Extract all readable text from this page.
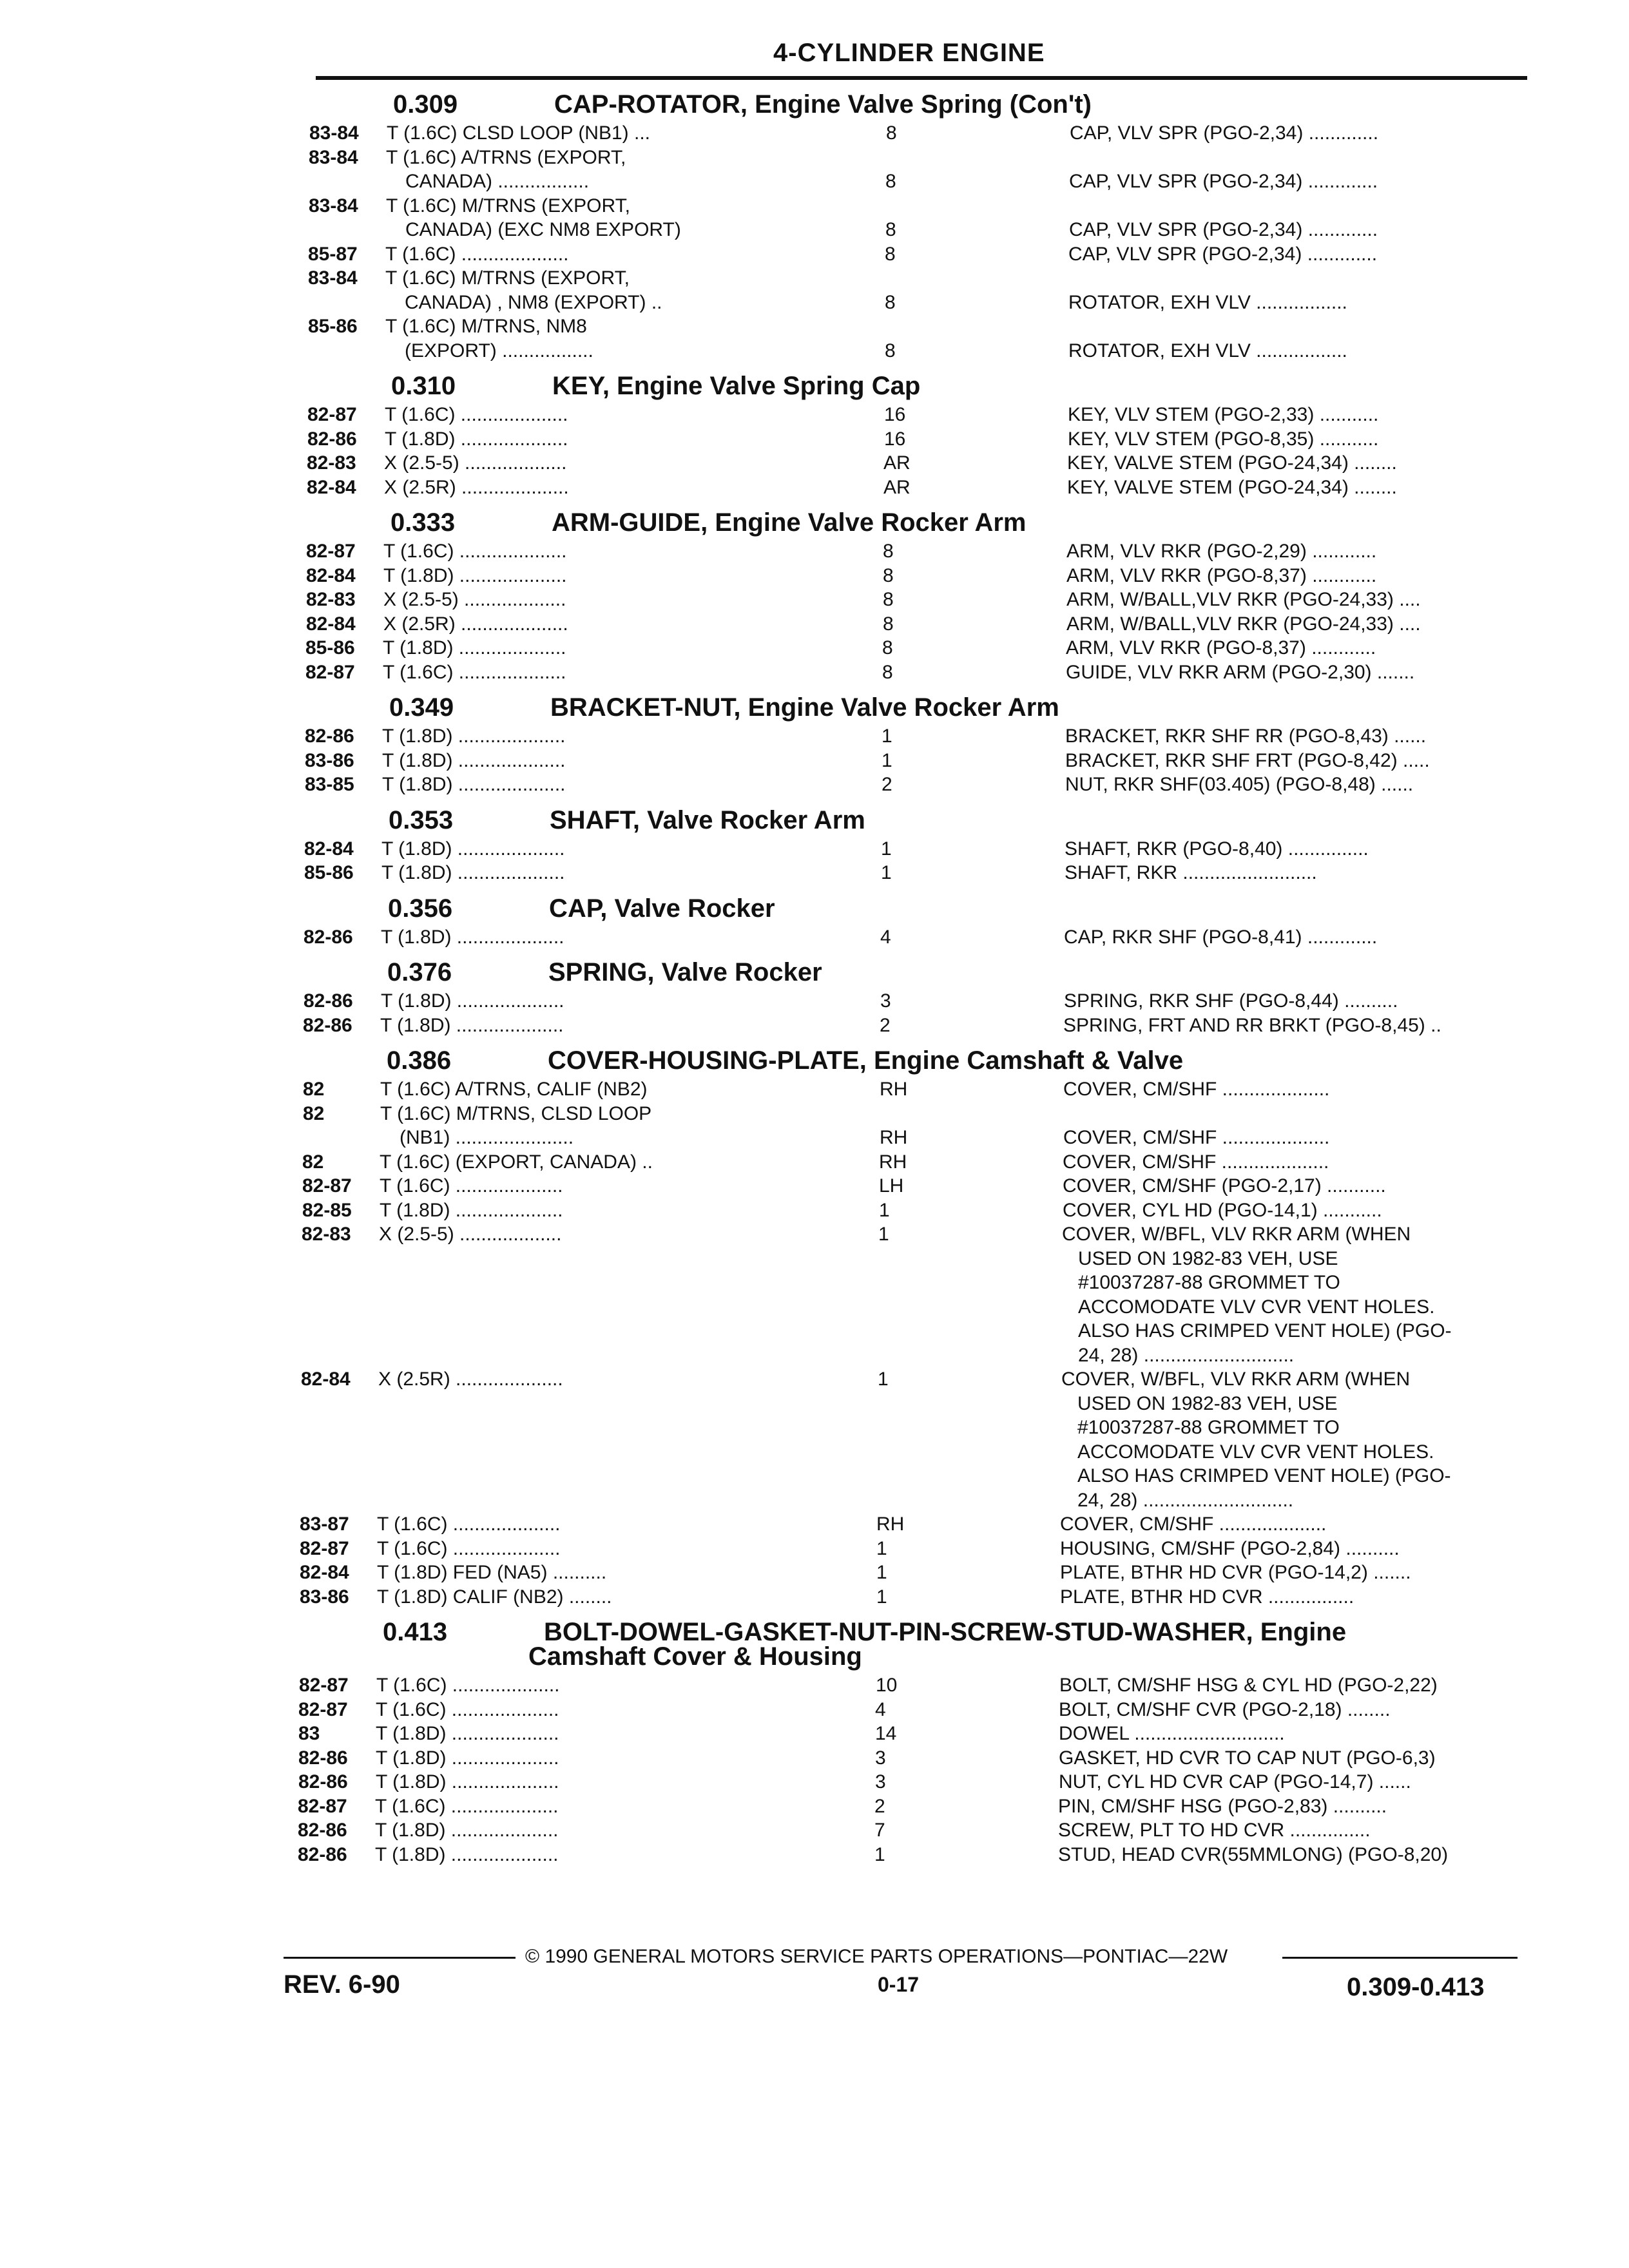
4-CYLINDER ENGINE
0.309	CAP-ROTATOR, Engine Valve Spring (Con't)
83-84 T (1.6C) CLSD LOOP (NB1) ...	8	CAP, VLV SPR (PGO-2,34) .............
83-84 T (1.6C) A/TRNS (EXPORT,
CANADA) .................	8	CAP, VLV SPR (PGO-2,34) .............
83-84 T (1.6C) M/TRNS (EXPORT,
CANADA) (EXC NM8 EXPORT)	8	CAP, VLV SPR (PGO-2,34) .............
85-87 T (1.6C) ....................	8	CAP, VLV SPR (PGO-2,34) .............
83-84 T (1.6C) M/TRNS (EXPORT,
CANADA) , NM8 (EXPORT) ..	8	ROTATOR, EXH VLV .................
85-86 T (1.6C) M/TRNS, NM8
(EXPORT) .................	8	ROTATOR, EXH VLV .................
0.310	KEY, Engine Valve Spring Cap
82-87 T (1.6C) ....................	16	KEY, VLV STEM (PGO-2,33) ...........
82-86 T (1.8D) ....................	16	KEY, VLV STEM (PGO-8,35) ...........
82-83 X (2.5-5) ...................	AR	KEY, VALVE STEM (PGO-24,34) ........
82-84 X (2.5R) ....................	AR	KEY, VALVE STEM (PGO-24,34) ........
0.333	ARM-GUIDE, Engine Valve Rocker Arm
82-87 T (1.6C) ....................	8	ARM, VLV RKR (PGO-2,29) ............
82-84 T (1.8D) ....................	8	ARM, VLV RKR (PGO-8,37) ............
82-83 X (2.5-5) ...................	8	ARM, W/BALL,VLV RKR (PGO-24,33) ....
82-84 X (2.5R) ....................	8	ARM, W/BALL,VLV RKR (PGO-24,33) ....
85-86 T (1.8D) ....................	8	ARM, VLV RKR (PGO-8,37) ............
82-87 T (1.6C) ....................	8	GUIDE, VLV RKR ARM (PGO-2,30) .......
0.349	BRACKET-NUT, Engine Valve Rocker Arm
82-86 T (1.8D) ....................	1	BRACKET, RKR SHF RR (PGO-8,43) ......
83-86 T (1.8D) ....................	1	BRACKET, RKR SHF FRT (PGO-8,42) .....
83-85 T (1.8D) ....................	2	NUT, RKR SHF(03.405) (PGO-8,48) ......
0.353	SHAFT, Valve Rocker Arm
82-84 T (1.8D) ....................	1	SHAFT, RKR (PGO-8,40) ...............
85-86 T (1.8D) ....................	1	SHAFT, RKR .........................
0.356	CAP, Valve Rocker
82-86 T (1.8D) ....................	4	CAP, RKR SHF (PGO-8,41) .............
0.376	SPRING, Valve Rocker
82-86 T (1.8D) ....................	3	SPRING, RKR SHF (PGO-8,44) ..........
82-86 T (1.8D) ....................	2	SPRING, FRT AND RR BRKT (PGO-8,45) ..
0.386	COVER-HOUSING-PLATE, Engine Camshaft & Valve
82	T (1.6C) A/TRNS, CALIF (NB2)	RH	COVER, CM/SHF ....................
82	T (1.6C) M/TRNS, CLSD LOOP
(NB1) ......................	RH	COVER, CM/SHF ....................
82	T (1.6C) (EXPORT, CANADA) ..	RH	COVER, CM/SHF ....................
82-87 T (1.6C) ....................	LH	COVER, CM/SHF (PGO-2,17) ...........
82-85 T (1.8D) ....................	1	COVER, CYL HD (PGO-14,1) ...........
82-83 X (2.5-5) ...................	1	COVER, W/BFL, VLV RKR ARM (WHEN
USED ON 1982-83 VEH, USE
#10037287-88 GROMMET TO
ACCOMODATE VLV CVR VENT HOLES.
ALSO HAS CRIMPED VENT HOLE) (PGO-
24, 28) ............................
82-84 X (2.5R) ....................	1	COVER, W/BFL, VLV RKR ARM (WHEN
USED ON 1982-83 VEH, USE
#10037287-88 GROMMET TO
ACCOMODATE VLV CVR VENT HOLES.
ALSO HAS CRIMPED VENT HOLE) (PGO-
24, 28) ............................
83-87 T (1.6C) ....................	RH	COVER, CM/SHF ....................
82-87 T (1.6C) ....................	1	HOUSING, CM/SHF (PGO-2,84) ..........
82-84 T (1.8D) FED (NA5) ..........	1	PLATE, BTHR HD CVR (PGO-14,2) .......
83-86 T (1.8D) CALIF (NB2) ........	1	PLATE, BTHR HD CVR ................
0.413	BOLT-DOWEL-GASKET-NUT-PIN-SCREW-STUD-WASHER, Engine
Camshaft Cover & Housing
82-87 T (1.6C) ....................	10	BOLT, CM/SHF HSG & CYL HD (PGO-2,22)
82-87 T (1.6C) ....................	4	BOLT, CM/SHF CVR (PGO-2,18) ........
83	T (1.8D) ....................	14	DOWEL ............................
82-86 T (1.8D) ....................	3	GASKET, HD CVR TO CAP NUT (PGO-6,3)
82-86 T (1.8D) ....................	3	NUT, CYL HD CVR CAP (PGO-14,7) ......
82-87 T (1.6C) ....................	2	PIN, CM/SHF HSG (PGO-2,83) ..........
82-86 T (1.8D) ....................	7	SCREW, PLT TO HD CVR ...............
82-86 T (1.8D) ....................	1	STUD, HEAD CVR(55MMLONG) (PGO-8,20)
© 1990 GENERAL MOTORS SERVICE PARTS OPERATIONS—PONTIAC—22W
REV. 6-90	0-17	0.309-0.413
